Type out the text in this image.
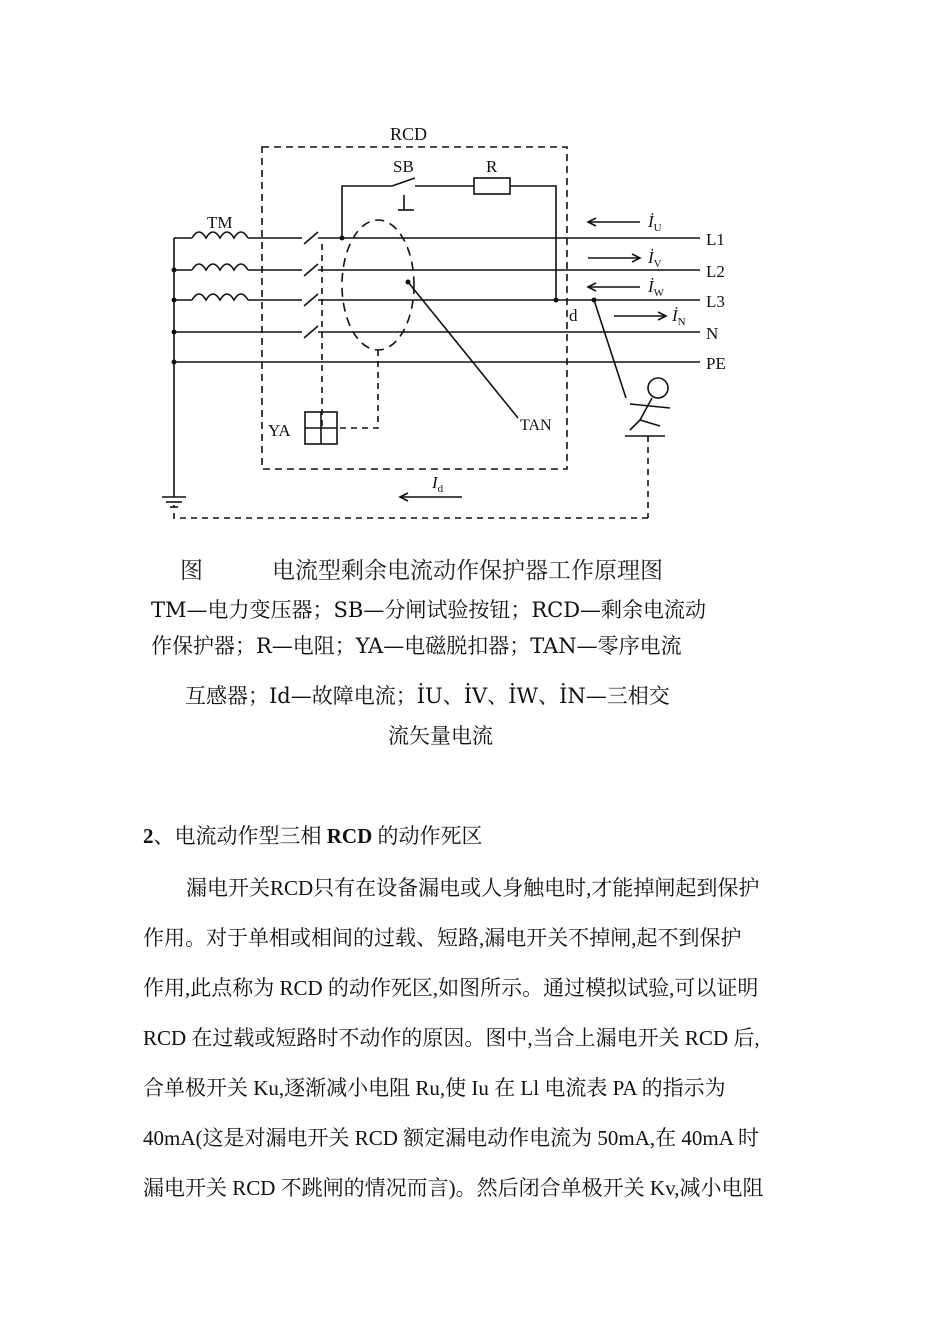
RCD
SB	R
TM
L1
L2
L3
N
PE
YA	TAN
d
$İ_U$
$İ_V$
$İ_W$
$İ_N$
$I_d$
图	电流型剩余电流动作保护器工作原理图
TM—电力变压器；SB—分闸试验按钮；RCD—剩余电流动
作保护器；R—电阻；YA—电磁脱扣器；TAN—零序电流
互感器；Id—故障电流；İU、İV、İW、İN—三相交
流矢量电流
2、电流动作型三相 RCD 的动作死区
漏电开关RCD只有在设备漏电或人身触电时,才能掉闸起到保护
作用。对于单相或相间的过载、短路,漏电开关不掉闸,起不到保护
作用,此点称为 RCD 的动作死区,如图所示。通过模拟试验,可以证明
RCD 在过载或短路时不动作的原因。图中,当合上漏电开关 RCD 后,
合单极开关 Ku,逐渐减小电阻 Ru,使 Iu 在 Ll 电流表 PA 的指示为
40mA(这是对漏电开关 RCD 额定漏电动作电流为 50mA,在 40mA 时
漏电开关 RCD 不跳闸的情况而言)。然后闭合单极开关 Kv,减小电阻
